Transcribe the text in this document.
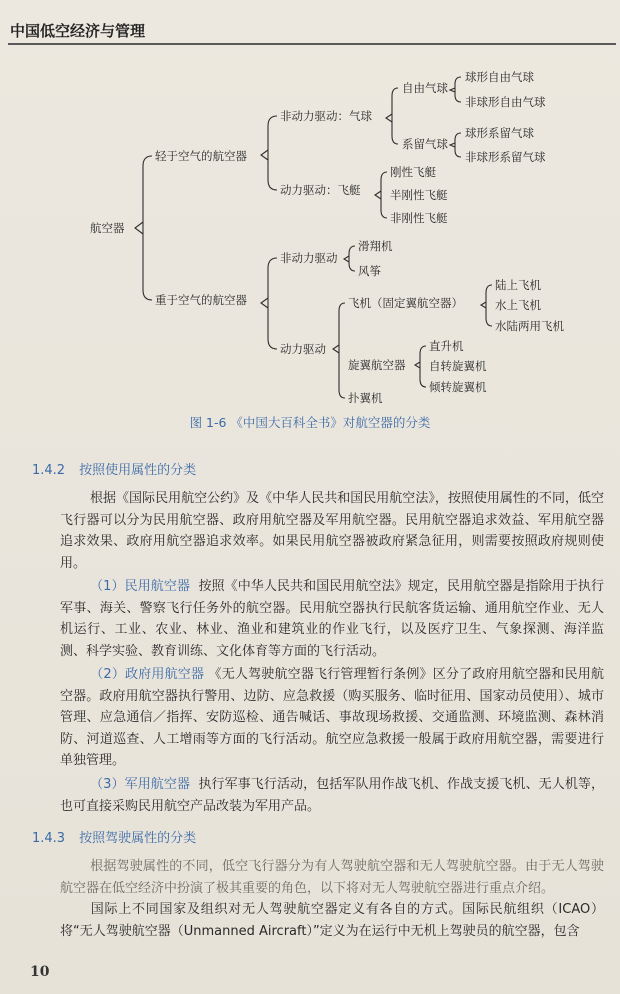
中国低空经济与管理
航空器
轻于空气的航空器
非动力驱动：气球
自由气球
球形自由气球
非球形自由气球
系留气球
球形系留气球
非球形系留气球
动力驱动：飞艇
刚性飞艇
半刚性飞艇
非刚性飞艇
重于空气的航空器
非动力驱动
滑翔机
风筝
动力驱动
飞机（固定翼航空器）
陆上飞机
水上飞机
水陆两用飞机
旋翼航空器
直升机
自转旋翼机
倾转旋翼机
扑翼机
图 1-6 《中国大百科全书》对航空器的分类
1.4.2 按照使用属性的分类

根据《国际民用航空公约》及《中华人民共和国民用航空法》，按照使用属性的不同，低空飞行器可以分为民用航空器、政府用航空器及军用航空器。民用航空器追求效益、军用航空器追求效果、政府用航空器追求效率。如果民用航空器被政府紧急征用，则需要按照政府规则使用。

（1）民用航空器 按照《中华人民共和国民用航空法》规定，民用航空器是指除用于执行军事、海关、警察飞行任务外的航空器。民用航空器执行民航客货运输、通用航空作业、无人机运行、工业、农业、林业、渔业和建筑业的作业飞行，以及医疗卫生、气象探测、海洋监测、科学实验、教育训练、文化体育等方面的飞行活动。

（2）政府用航空器 《无人驾驶航空器飞行管理暂行条例》区分了政府用航空器和民用航空器。政府用航空器执行警用、边防、应急救援（购买服务、临时征用、国家动员使用）、城市管理、应急通信／指挥、安防巡检、通告喊话、事故现场救援、交通监测、环境监测、森林消防、河道巡查、人工增雨等方面的飞行活动。航空应急救援一般属于政府用航空器，需要进行单独管理。

（3）军用航空器 执行军事飞行活动，包括军队用作战飞机、作战支援飞机、无人机等，也可直接采购民用航空产品改装为军用产品。

1.4.3 按照驾驶属性的分类

根据驾驶属性的不同，低空飞行器分为有人驾驶航空器和无人驾驶航空器。由于无人驾驶航空器在低空经济中扮演了极其重要的角色，以下将对无人驾驶航空器进行重点介绍。

国际上不同国家及组织对无人驾驶航空器定义有各自的方式。国际民航组织（ICAO）将“无人驾驶航空器（Unmanned Aircraft）”定义为在运行中无机上驾驶员的航空器，包含

10
